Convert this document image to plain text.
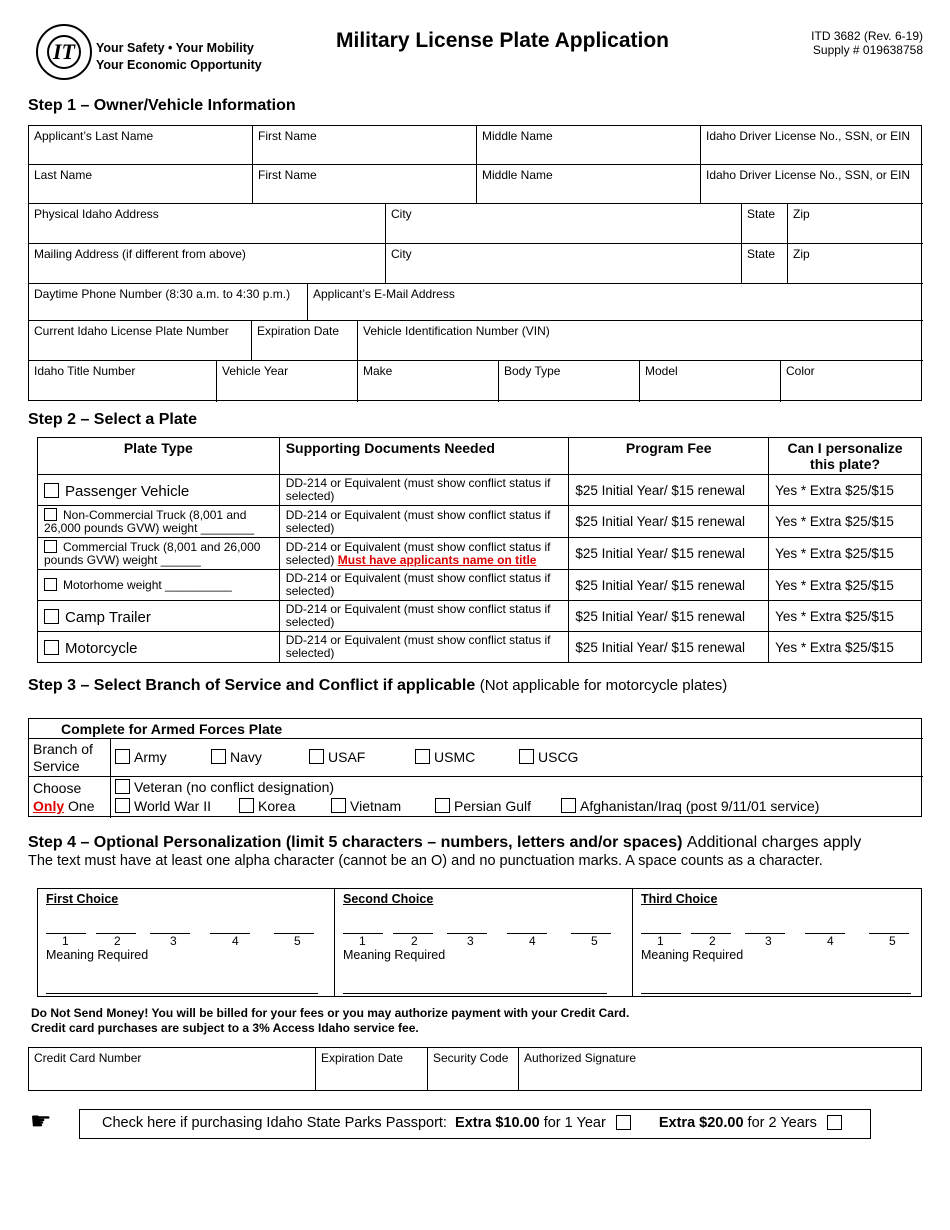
IT	Your Safety • Your Mobility
Your Economic Opportunity
Military License Plate Application	ITD 3682 (Rev. 6-19)
Supply # 019638758
Step 1 – Owner/Vehicle Information
Applicant’s Last Name	First Name	Middle Name	Idaho Driver License No., SSN, or EIN
Last Name	First Name	Middle Name	Idaho Driver License No., SSN, or EIN
Physical Idaho Address	City	State	Zip
Mailing Address (if different from above)	City	State	Zip
Daytime Phone Number (8:30 a.m. to 4:30 p.m.)	Applicant’s E-Mail Address
Current Idaho License Plate Number	Expiration Date	Vehicle Identification Number (VIN)
Idaho Title Number	Vehicle Year	Make	Body Type	Model	Color
Step 2 – Select a Plate
Plate Type	Supporting Documents Needed	Program Fee	Can I personalize this plate?
Passenger Vehicle	DD-214 or Equivalent (must show conflict status if selected)	$25 Initial Year/ $15 renewal	Yes * Extra $25/$15
Non-Commercial Truck (8,001 and 26,000 pounds GVW) weight ________	DD-214 or Equivalent (must show conflict status if selected)	$25 Initial Year/ $15 renewal	Yes * Extra $25/$15
Commercial Truck (8,001 and 26,000 pounds GVW) weight ______	DD-214 or Equivalent (must show conflict status if selected) Must have applicants name on title	$25 Initial Year/ $15 renewal	Yes * Extra $25/$15
Motorhome weight __________	DD-214 or Equivalent (must show conflict status if selected)	$25 Initial Year/ $15 renewal	Yes * Extra $25/$15
Camp Trailer	DD-214 or Equivalent (must show conflict status if selected)	$25 Initial Year/ $15 renewal	Yes * Extra $25/$15
Motorcycle	DD-214 or Equivalent (must show conflict status if selected)	$25 Initial Year/ $15 renewal	Yes * Extra $25/$15
Step 3 – Select Branch of Service and Conflict if applicable (Not applicable for motorcycle plates)
Complete for Armed Forces Plate
Branch of
Service
Army	Navy	USAF	USMC	USCG
Choose
Only One
Veteran (no conflict designation)
World War II	Korea	Vietnam	Persian Gulf	Afghanistan/Iraq (post 9/11/01 service)
Step 4 – Optional Personalization (limit 5 characters – numbers, letters and/or spaces) Additional charges apply
The text must have at least one alpha character (cannot be an O) and no punctuation marks. A space counts as a character.
First Choice
1	2	3	4	5
Meaning Required
Second Choice
1	2	3	4	5
Meaning Required
Third Choice
1	2	3	4	5
Meaning Required
Do Not Send Money! You will be billed for your fees or you may authorize payment with your Credit Card.
Credit card purchases are subject to a 3% Access Idaho service fee.
Credit Card Number	Expiration Date	Security Code	Authorized Signature
☛	Check here if purchasing Idaho State Parks Passport: Extra $10.00 for 1 Year	Extra $20.00 for 2 Years
